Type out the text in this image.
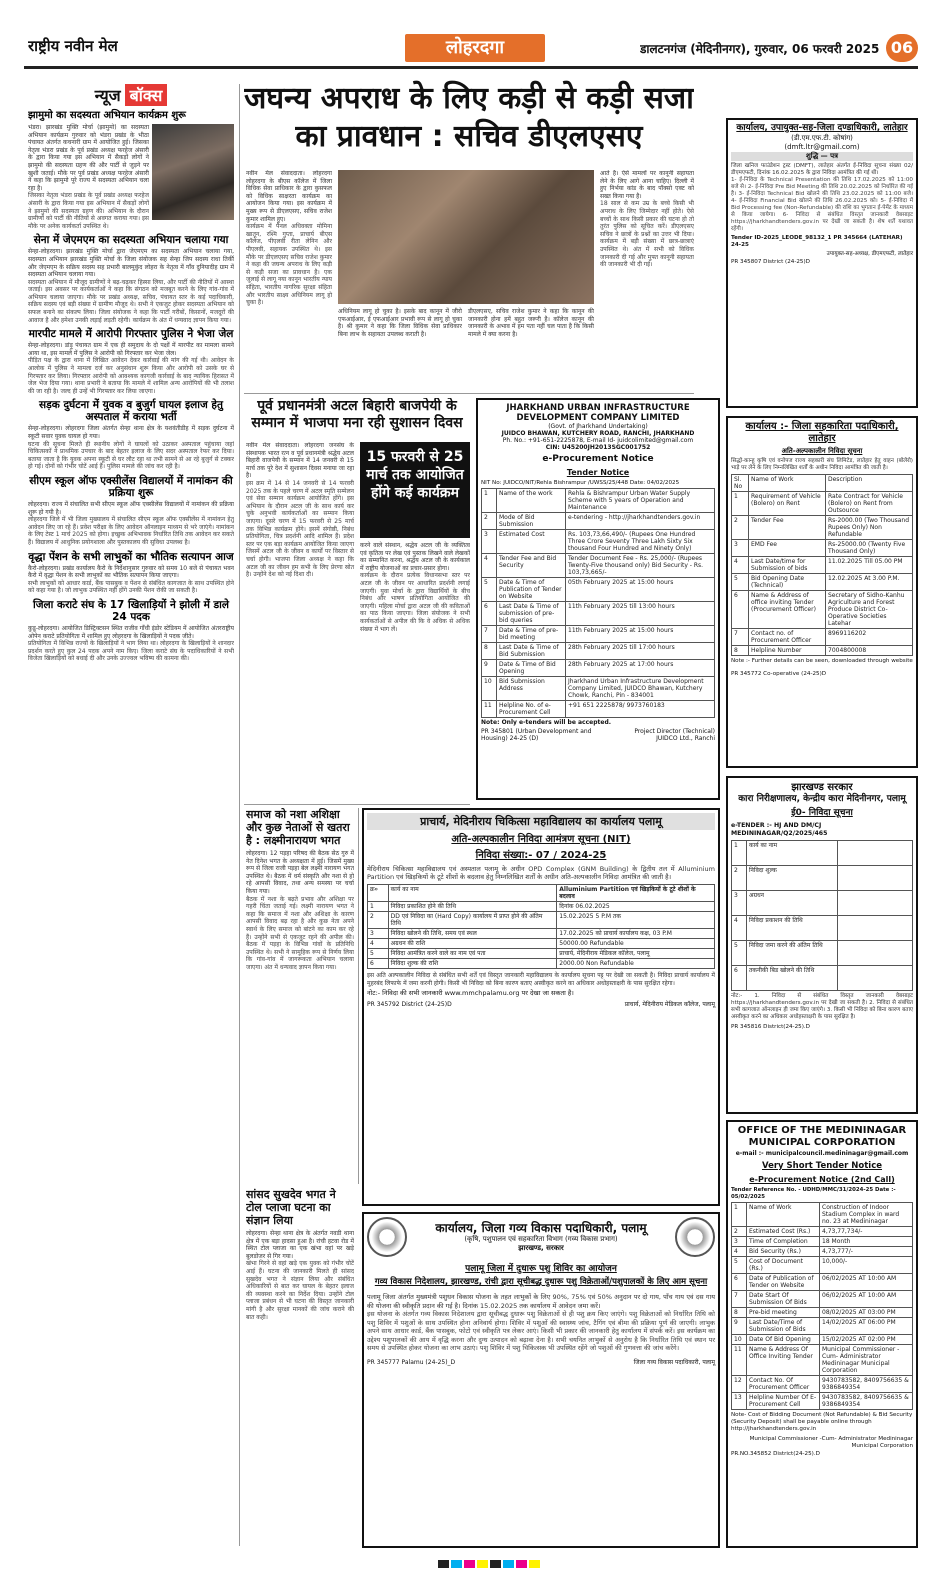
राष्ट्रीय नवीन मेल	लोहरदगा	डालटनगंज (मेदिनीनगर), गुरुवार, 06 फरवरी 2025 06
न्यूज बॉक्स
झामुमो का सदस्यता अभियान कार्यक्रम शुरू
भंडरा। झारखंड मुक्ति मोर्चा (झामुमो) का सदस्यता अभियान कार्यक्रम गुरुवार को भंडरा प्रखंड के भीठा पंचायत अंतर्गत कचनारी ग्राम में आयोजित हुई। जिसका नेतृत्व भंडरा प्रखंड के पूर्व प्रखंड अध्यक्ष फरहेज अंसारी के द्वारा किया गया इस अभियान में सैकड़ों लोगों ने झामुमो की सदस्यता ग्रहण की और पार्टी से जुड़ने पर खुशी जताई। मौके पर पूर्व प्रखंड अध्यक्ष फरहेज अंसारी ने कहा कि झामुमो पूरे राज्य में सदस्यता अभियान चला रहा है।
जिसका नेतृत्व भंडरा प्रखंड के पूर्व प्रखंड अध्यक्ष फरहेज अंसारी के द्वारा किया गया इस अभियान में सैकड़ों लोगों ने झामुमो की सदस्यता ग्रहण की। अभियान के दौरान ग्रामीणों को पार्टी की नीतियों से अवगत कराया गया। इस मौके पर अनेक कार्यकर्ता उपस्थित थे।
सेना में जेएमएम का सदस्यता अभियान चलाया गया
सेन्हा-लोहरदगा। झारखंड मुक्ति मोर्चा द्वारा जेएमएम का सदस्यता अभियान चलाया गया, सदस्यता अभियान झारखंड मुक्ति मोर्चा के जिला संयोजक सह सेन्हा जिप सदस्य राधा तिर्की और जेएमएम के सक्रिय सदस्य सह प्रभारी बालमुकुंद लोहरा के नेतृत्व में गाँव दुनियादीह ग्राम में सदस्यता अभियान चलाया गया।
सदस्यता अभियान में मौजूद ग्रामीणों ने बढ़-चढ़कर हिस्सा लिया, और पार्टी की नीतियों में आस्था जताई। इस अवसर पर कार्यकर्ताओं ने कहा कि संगठन को मजबूत करने के लिए गांव-गांव में अभियान चलाया जाएगा। मौके पर प्रखंड अध्यक्ष, सचिव, पंचायत स्तर के कई पदाधिकारी, सक्रिय सदस्य एवं बड़ी संख्या में ग्रामीण मौजूद थे। सभी ने एकजुट होकर सदस्यता अभियान को सफल बनाने का संकल्प लिया। जिला संयोजक ने कहा कि पार्टी गरीबों, किसानों, मजदूरों की आवाज है और हमेशा उनकी लड़ाई लड़ती रहेगी। कार्यक्रम के अंत में धन्यवाद ज्ञापन किया गया।
मारपीट मामले में आरोपी गिरफ्तार पुलिस ने भेजा जेल
सेन्हा-लोहरदगा। डांड़ू पंचायत ग्राम में एक ही समुदाय के दो पक्षों में मारपीट का मामला सामने आया था, इस मामले में पुलिस ने आरोपी को गिरफ्तार कर भेजा जेल।
पीड़ित पक्ष के द्वारा थाना में लिखित आवेदन देकर कार्रवाई की मांग की गई थी। आवेदन के आलोक में पुलिस ने मामला दर्ज कर अनुसंधान शुरू किया और आरोपी को उसके घर से गिरफ्तार कर लिया। गिरफ्तार आरोपी को आवश्यक कागजी कार्रवाई के बाद न्यायिक हिरासत में जेल भेज दिया गया। थाना प्रभारी ने बताया कि मामले में शामिल अन्य आरोपियों की भी तलाश की जा रही है। जल्द ही उन्हें भी गिरफ्तार कर लिया जाएगा।
सड़क दुर्घटना में युवक व बुजुर्ग घायल इलाज हेतु अस्पताल में कराया भर्ती
सेन्हा-लोहरदगा। लोहरदगा जिला अंतर्गत सेन्हा थाना क्षेत्र के यशवंतीडीह में सड़क दुर्घटना में स्कूटी सवार युवक घायल हो गया।
घटना की सूचना मिलते ही स्थानीय लोगों ने घायलों को उठाकर अस्पताल पहुंचाया जहां चिकित्सकों ने प्राथमिक उपचार के बाद बेहतर इलाज के लिए सदर अस्पताल रेफर कर दिया। बताया जाता है कि युवक अपना स्कूटी से घर लौट रहा था तभी सामने से आ रहे बुजुर्ग से टक्कर हो गई। दोनों को गंभीर चोटें आई हैं। पुलिस मामले की जांच कर रही है।
सीएम स्कूल ऑफ एक्सीलेंस विद्यालयों में नामांकन की प्रक्रिया शुरू
लोहरदगा। राज्य में संचालित सभी सीएम स्कूल ऑफ एक्सीलेंस विद्यालयों में नामांकन की प्रक्रिया शुरू हो गयी है।
लोहरदगा जिले में भी जिला मुख्यालय में संचालित सीएम स्कूल ऑफ एक्सीलेंस में नामांकन हेतु आवेदन लिए जा रहे हैं। प्रवेश परीक्षा के लिए आवेदन ऑनलाइन माध्यम से भरे जाएंगे। नामांकन के लिए टेस्ट 1 मार्च 2025 को होगा। इच्छुक अभिभावक निर्धारित तिथि तक आवेदन कर सकते हैं। विद्यालय में आधुनिक प्रयोगशाला और पुस्तकालय की सुविधा उपलब्ध है।
वृद्धा पेंशन के सभी लाभुकों का भौतिक सत्यापन आज
कैरो-लोहरदगा। प्रखंड कार्यालय कैरो के निर्देशानुसार गुरुवार को समय 10 बजे से पंचायत भवन कैरो में वृद्धा पेंशन के सभी लाभुकों का भौतिक सत्यापन किया जाएगा।
सभी लाभुकों को आधार कार्ड, बैंक पासबुक व पेंशन से संबंधित कागजात के साथ उपस्थित होने को कहा गया है। जो लाभुक उपस्थित नहीं होंगे उनकी पेंशन रोकी जा सकती है।
जिला कराटे संघ के 17 खिलाड़ियों ने झोली में डाले 24 पदक
कुडू-लोहरदगा। आयोजित डिस्ट्रिक्टसन स्थित राजीव गाँधी इंडोर स्टेडियम में आयोजित अंतरराष्ट्रीय ओपेन कराटे प्रतियोगिता में शामिल हुए लोहरदगा के खिलाड़ियों ने पदक जीते।
प्रतियोगिता में विभिन्न राज्यों के खिलाड़ियों ने भाग लिया था। लोहरदगा के खिलाड़ियों ने शानदार प्रदर्शन करते हुए कुल 24 पदक अपने नाम किए। जिला कराटे संघ के पदाधिकारियों ने सभी विजेता खिलाड़ियों को बधाई दी और उनके उज्ज्वल भविष्य की कामना की।
जघन्य अपराध के लिए कड़ी से कड़ी सजा का प्रावधान : सचिव डीएलएसए
नवीन मेल संवाददाता। लोहरदगा लोहरदगा के बीएस कॉलेज में जिला विधिक सेवा प्राधिकार के द्वारा कुसफल को विधिक साक्षरता कार्यक्रम का आयोजन किया गया। इस कार्यक्रम में मुख्य रूप से डीएलएसए, सचिव राजेश कुमार शामिल हुए।
कार्यक्रम में पैनल अधिवक्ता मोमिना खातून, रश्मि गुप्ता, प्राचार्य बीएस कॉलेज, पीएलवी रीता लेनिन और पीएलवी, सहायक उपस्थित थे। इस मौके पर डीएलएसए सचिव राजेश कुमार ने कहा की जघन्य अपराध के लिए कड़ी से कड़ी सजा का प्रावधान है। एक जुलाई से लागू नया कानून भारतीय न्याय संहिता, भारतीय नागरिक सुरक्षा संहिता और भारतीय साक्ष्य अधिनियम लागू हो चुका है।
अधिनियम लागू हो चुका है। इसके बाद कानून में जीरो एफआईआर, ई एफआईआर प्रभावी रूप से लागू हो चुका है। श्री कुमार ने कहा कि जिला विधिक सेवा प्राधिकार बिना लाभ के सहायता उपलब्ध कराती है।
डीएलएसए, सचिव राजेश कुमार ने कहा कि कानून की जानकारी होना हमें बहुत जरूरी है। कॉलेज कानून की जानकारी के अभाव में हम पता नहीं चल पाता है कि किसी मामले में क्या करना है।
आते है। ऐसे मामलों पर कानूनी सहायता लेने के लिए आगे आना चाहिए। दिल्ली में हुए निर्भया कांड के बाद पॉक्सो एक्ट को सख्त किया गया है।
18 साल से कम उम्र के बच्चे किसी भी अपराध के लिए जिम्मेदार नहीं होते। ऐसे बच्चों के साथ किसी प्रकार की घटना हो तो तुरंत पुलिस को सूचित करें। डीएलएसए सचिव ने छात्रों के प्रश्नों का उत्तर भी दिया। कार्यक्रम में बड़ी संख्या में छात्र-छात्राएं उपस्थित थे। अंत में सभी को विधिक जानकारी दी गई और मुफ्त कानूनी सहायता की जानकारी भी दी गई।
पूर्व प्रधानमंत्री अटल बिहारी बाजपेयी के सम्मान में भाजपा मना रही सुशासन दिवस
नवीन मेल संवाददाता। लोहरदगा जनसंघ के संस्थापक भारत रत्न व पूर्व प्रधानमंत्री श्रद्धेय अटल बिहारी वाजपेयी के सम्मान में 14 जनवरी से 15 मार्च तक पूरे देश में सुशासन दिवस मनाया जा रहा है।
इस क्रम में 14 से 14 जनवरी से 14 फरवरी 2025 तक के पहले चरण में अटल स्मृति सम्मेलन एवं सेवा सम्मान कार्यक्रम आयोजित होंगे। इस अभियान के दौरान अटल जी के साथ कार्य कर चुके अनुभवी कार्यकर्ताओं का सम्मान किया जाएगा। दूसरे चरण में 15 फरवरी से 25 मार्च तक विभिन्न कार्यक्रम होंगे। इसमें संगोष्ठी, निबंध प्रतियोगिता, चित्र प्रदर्शनी आदि शामिल हैं। प्रदेश स्तर पर एक बड़ा कार्यक्रम आयोजित किया जाएगा जिसमें अटल जी के जीवन व कार्यों पर विस्तार से चर्चा होगी। भाजपा जिला अध्यक्ष ने कहा कि अटल जी का जीवन हम सभी के लिए प्रेरणा स्रोत है। उन्होंने देश को नई दिशा दी।
15 फरवरी से 25 मार्च तक आयोजित होंगे कई कार्यक्रम
करने वाले संस्थान, श्रद्धेय अटल जी के व्यक्तित्व एवं कृतित्व पर लेख एवं पुस्तक लिखने वाले लेखकों का सम्मानित करना, श्रद्धेय अटल जी के कार्यकाल में राष्ट्रीय योजनाओं का प्रचार-प्रसार होगा।
कार्यक्रम के दौरान प्रत्येक विधानसभा स्तर पर अटल जी के जीवन पर आधारित प्रदर्शनी लगाई जाएगी। युवा मोर्चा के द्वारा विद्यार्थियों के बीच निबंध और भाषण प्रतियोगिता आयोजित की जाएगी। महिला मोर्चा द्वारा अटल जी की कविताओं का पाठ किया जाएगा। जिला संयोजक ने सभी कार्यकर्ताओं से अपील की कि वे अधिक से अधिक संख्या में भाग लें।
समाज को नशा अशिक्षा और कुछ नेताओं से खतरा है : लक्ष्मीनारायण भगत
लोहरदगा। 12 पड़हा परिषद की बैठक सेठ गुरु में नेत दिनेश भगत के अध्यक्षता में हुई। जिसमें मुख्य रूप से जिला राजी पड़हा बेल लक्ष्मी नारायण भगत उपस्थित थे। बैठक में धर्म संस्कृति और नशा से हो रहे आपसी विवाद, तथा अन्य समस्या पर चर्चा किया गया।
बैठक में नशा के बढ़ते प्रभाव और अशिक्षा पर गहरी चिंता जताई गई। लक्ष्मी नारायण भगत ने कहा कि समाज में नशा और अशिक्षा के कारण आपसी विवाद बढ़ रहा है और कुछ नेता अपने स्वार्थ के लिए समाज को बांटने का काम कर रहे हैं। उन्होंने सभी से एकजुट रहने की अपील की। बैठक में पड़हा के विभिन्न गांवों के प्रतिनिधि उपस्थित थे। सभी ने सामूहिक रूप से निर्णय लिया कि गांव-गांव में जागरूकता अभियान चलाया जाएगा। अंत में धन्यवाद ज्ञापन किया गया।
सांसद सुखदेव भगत ने टोल प्लाजा घटना का संज्ञान लिया
लोहरदगा। सेन्हा थाना क्षेत्र के अंतर्गत नवडी थाना क्षेत्र में एक बड़ा हादसा हुआ है। रांची हटवा रोड में स्थित टोल प्लाजा का एक खंभा वहां पर खड़े बुलडोजर से गिर गया।
खंभा गिरने से वहां खड़े एक युवक को गंभीर चोटें आई हैं। घटना की जानकारी मिलते ही सांसद सुखदेव भगत ने संज्ञान लिया और संबंधित अधिकारियों से बात कर घायल के बेहतर इलाज की व्यवस्था करने का निर्देश दिया। उन्होंने टोल प्लाजा प्रबंधन से भी घटना की विस्तृत जानकारी मांगी है और सुरक्षा मानकों की जांच कराने की बात कही।
JHARKHAND URBAN INFRASTRUCTURE DEVELOPMENT COMPANY LIMITED
(Govt. of Jharkhand Undertaking)
JUIDCO BHAWAN, KUTCHERY ROAD, RANCHI, JHARKHAND
Ph. No.: +91-651-2225878, E-mail Id- juidcolimited@gmail.com
CIN: U45200JH2013SGC001752
e-Procurement Notice
Tender Notice
NIT No: JUIDCO/NIT/Rehla Bishrampur /UWSS/25/448 Date: 04/02/2025
1	Name of the work	Rehla & Bishrampur Urban Water Supply Scheme with 5 years of Operation and Maintenance
2	Mode of Bid Submission	e-tendering - http://jharkhandtenders.gov.in
3	Estimated Cost	Rs. 103,73,66,490/- (Rupees One Hundred Three Crore Seventy Three Lakh Sixty Six thousand Four Hundred and Ninety Only)
4	Tender Fee and Bid Security	Tender Document Fee - Rs. 25,000/- (Rupees Twenty-Five thousand only) Bid Security - Rs. 103,73,665/-
5	Date & Time of Publication of Tender on Website	05th February 2025 at 15:00 hours
6	Last Date & Time of submission of pre-bid queries	11th February 2025 till 13:00 hours
7	Date & Time of pre-bid meeting	11th February 2025 at 15:00 hours
8	Last Date & Time of Bid Submission	28th February 2025 till 17:00 hours
9	Date & Time of Bid Opening	28th February 2025 at 17:00 hours
10	Bid Submission Address	Jharkhand Urban Infrastructure Development Company Limited, JUIDCO Bhawan, Kutchery Chowk, Ranchi, Pin - 834001
11	Helpline No. of e-Procurement Cell	+91 651 2225878/ 9973760183
Note: Only e-tenders will be accepted.
PR 345801 (Urban Development and Housing) 24-25 (D)
Project Director (Technical) JUIDCO Ltd., Ranchi
प्राचार्य, मेदिनीराय चिकित्सा महाविद्यालय का कार्यालय पलामू
अति-अल्पकालीन निविदा आमंत्रण सूचना (NIT)
निविदा संख्या:- 07 / 2024-25
मेदिनीराय चिकित्सा महाविद्यालय एवं अस्पताल पलामू के अधीन OPD Complex (GNM Building) के द्वितीय तल में Alluminium Partition एवं खिड़कियों के टूटे शीशों के बदलाव हेतु निम्नलिखित शर्तों के अधीन अति-अल्पकालीन निविदा आमंत्रित की जाती है।
क्र०	कार्य का नाम	Alluminium Partition एवं खिड़कियों के टूटे शीशों के बदलाव
1	निविदा प्रकाशित होने की तिथि	दिनांक 06.02.2025
2	DD एवं निविदा का (Hard Copy) कार्यालय में प्राप्त होने की अंतिम तिथि	15.02.2025 5 P.M तक
3	निविदा खोलने की तिथि, समय एवं स्थल	17.02.2025 को प्राचार्य कार्यालय कक्ष, 03 P.M
4	अग्रधन की राशि	50000.00 Refundable
5	निविदा आमंत्रित करने वाले का नाम एवं पता	प्राचार्य, मेदिनीराय मेडिकल कॉलेज, पलामू
6	निविदा शुल्क की राशि	2000.00 Non Refundable
इस अति अल्पकालीन निविदा से संबंधित सभी शर्तें एवं विस्तृत जानकारी महाविद्यालय के कार्यालय सूचना पट्ट पर देखी जा सकती है। निविदा प्राचार्य कार्यालय में मुहरबंद लिफाफे में जमा करनी होगी। किसी भी निविदा को बिना कारण बताए अस्वीकृत करने का अधिकार अधोहस्ताक्षरी के पास सुरक्षित रहेगा।
नोट:- निविदा की सभी जानकारी www.mmchpalamu.org पर देखा जा सकता है।
PR 345792 District (24-25)D	प्राचार्य, मेदिनीराय मेडिकल कॉलेज, पलामू
कार्यालय, जिला गव्य विकास पदाधिकारी, पलामू
(कृषि, पशुपालन एवं सहकारिता विभाग (गव्य विकास प्रभाग)
झारखण्ड, सरकार
पलामू जिला में दुधारू पशु शिविर का आयोजन
गव्य विकास निदेशालय, झारखण्ड, रांची द्वारा सूचीबद्ध दुधारू पशु विक्रेताओं/पशुपालकों के लिए आम सूचना
पलामू जिला अंतर्गत मुख्यमंत्री पशुधन विकास योजना के तहत लाभुकों के लिए 90%, 75% एवं 50% अनुदान पर दो गाय, पाँच गाय एवं दस गाय की योजना की स्वीकृति प्रदान की गई है। दिनांक 15.02.2025 तक कार्यालय में आवेदन जमा करें।
इस योजना के अंतर्गत गव्य विकास निदेशालय द्वारा सूचीबद्ध दुधारू पशु विक्रेताओं से ही पशु क्रय किए जाएंगे। पशु विक्रेताओं को निर्धारित तिथि को पशु शिविर में पशुओं के साथ उपस्थित होना अनिवार्य होगा। शिविर में पशुओं की स्वास्थ्य जांच, टैगिंग एवं बीमा की प्रक्रिया पूर्ण की जाएगी। लाभुक अपने साथ आधार कार्ड, बैंक पासबुक, फोटो एवं स्वीकृति पत्र लेकर आएं। किसी भी प्रकार की जानकारी हेतु कार्यालय में संपर्क करें। इस कार्यक्रम का उद्देश्य पशुपालकों की आय में वृद्धि करना और दुग्ध उत्पादन को बढ़ावा देना है। सभी चयनित लाभुकों से अनुरोध है कि निर्धारित तिथि एवं स्थान पर समय से उपस्थित होकर योजना का लाभ उठाएं। पशु शिविर में पशु चिकित्सक भी उपस्थित रहेंगे जो पशुओं की गुणवत्ता की जांच करेंगे।
PR 345777 Palamu (24-25)_D	जिला गव्य विकास पदाधिकारी, पलामू
कार्यालय, उपायुक्त-सह-जिला दण्डाधिकारी, लातेहार
(डी.एम.एफ.टी. कोषांग)
(dmft.ltr@gmail.com)
शुद्धि — पत्र
जिला खनिज फाउंडेशन ट्रस्ट (DMFT), लातेहार अंतर्गत ई-निविदा सूचना संख्या 02/डीएमएफटी, दिनांक 16.02.2025 के द्वारा निविदा आमंत्रित की गई थी।
1- ई-निविदा के Technical Presentation की तिथि 17.02.2025 को 11:00 बजे से। 2- ई-निविदा Pre Bid Meeting की तिथि 20.02.2025 को निर्धारित की गई है। 3- ई-निविदा Technical Bid खोलने की तिथि 23.02.2025 को 11:00 बजे। 4- ई-निविदा Financial Bid खोलने की तिथि 26.02.2025 को। 5- ई-निविदा में Bid Processing fee (Non-Refundable) की राशि का भुगतान ई-पेमेंट के माध्यम से किया जायेगा। 6- निविदा से संबंधित विस्तृत जानकारी वेबसाइट https://jharkhandtenders.gov.in पर देखी जा सकती है। शेष शर्तें यथावत रहेंगी।
Tender ID-2025_LEODE_98132_1 PR 345664 (LATEHAR) 24-25
उपायुक्त-सह-अध्यक्ष, डीएमएफटी, लातेहार
PR 345807 District (24-25)D
कार्यालय :- जिला सहकारिता पदाधिकारी, लातेहार
अति-अल्पकालीन निविदा सूचना
सिद्धो-कान्हू कृषि एवं वनोपज राज्य सहकारी संघ लिमिटेड, लातेहार हेतु वाहन (बोलेरो) भाड़े पर लेने के लिए निम्नलिखित शर्तों के अधीन निविदा आमंत्रित की जाती है।
Sl. No	Name of Work	Description
1	Requirement of Vehicle (Bolero) on Rent	Rate Contract for Vehicle (Bolero) on Rent from Outsource
2	Tender Fee	Rs-2000.00 (Two Thousand Rupees Only) Non Refundable
3	EMD Fee	Rs-25000.00 (Twenty Five Thousand Only)
4	Last Date/time for Submission of bids	11.02.2025 Till 05.00 PM
5	Bid Opening Date (Technical)	12.02.2025 At 3.00 P.M.
6	Name & Address of office inviting Tender (Procurement Officer)	Secretary of Sidho-Kanhu Agriculture and Forest Produce District Co-Operative Societies Latehar
7	Contact no. of Procurement Officer	8969116202
8	Helpline Number	7004800008
Note :- Further details can be seen, downloaded through website
PR 345772 Co-operative (24-25)D
झारखण्ड सरकार
कारा निरीक्षणालय, केन्द्रीय कारा मेदिनीनगर, पलामू
ई0- निविदा सूचना
e-TENDER :- HJ AND DM/CJ MEDININAGAR/Q2/2025/465
1	कार्य का नाम	
2	निविदा शुल्क	
3	अग्रधन	
4	निविदा प्रकाशन की तिथि	
5	निविदा जमा करने की अंतिम तिथि	
6	तकनीकी बिड खोलने की तिथि	
नोट:- 1. निविदा से संबंधित विस्तृत जानकारी वेबसाइट https://jharkhandtenders.gov.in पर देखी जा सकती है। 2. निविदा से संबंधित सभी कागजात ऑनलाइन ही जमा किए जाएंगे। 3. किसी भी निविदा को बिना कारण बताए अस्वीकृत करने का अधिकार अधोहस्ताक्षरी के पास सुरक्षित है।
PR 345816 District(24-25).D
OFFICE OF THE MEDININAGAR MUNICIPAL CORPORATION
e-mail :- municipalcouncil.medininagar@gmail.com
Very Short Tender Notice
e-Procurement Notice (2nd Call)
Tender Reference No. - UDHD/MMC/31/2024-25 Date :- 05/02/2025
1	Name of Work	Construction of Indoor Stadium Complex in ward no. 23 at Medininagar
2	Estimated Cost (Rs.)	4,73,77,734/-
3	Time of Completion	18 Month
4	Bid Security (Rs.)	4,73,777/-
5	Cost of Document (Rs.)	10,000/-
6	Date of Publication of Tender on Website	06/02/2025 AT 10:00 AM
7	Date Start Of Submission Of Bids	06/02/2025 AT 10:00 AM
8	Pre-bid meeting	08/02/2025 AT 03:00 PM
9	Last Date/Time of Submission of Bids	14/02/2025 AT 06:00 PM
10	Date Of Bid Opening	15/02/2025 AT 02:00 PM
11	Name & Address Of Office Inviting Tender	Municipal Commissioner -Cum- Administrator Medininagar Municipal Corporation
12	Contact No. Of Procurement Officer	9430783582, 8409756635 & 9386849354
13	Helpline Number Of E-Procurement Cell	9430783582, 8409756635 & 9386849354
Note- Cost of Bidding Document (Not Refundable) & Bid Security (Security Deposit) shall be payable online through http://jharkhandtenders.gov.in
Municipal Commissioner -Cum- Administrator Medininagar Municipal Corporation
PR.NO.345852 District(24-25).D
